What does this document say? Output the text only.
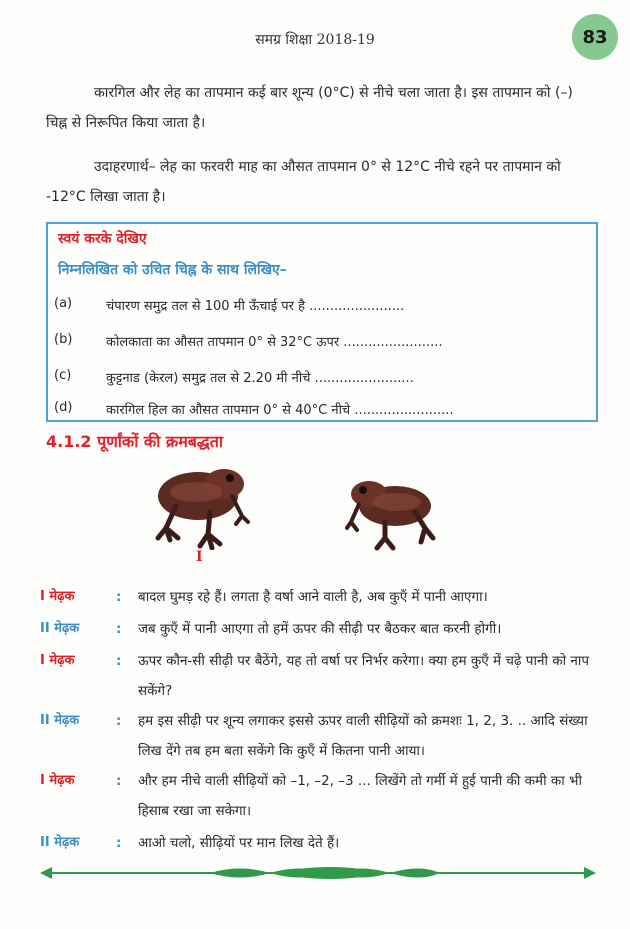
समग्र शिक्षा 2018-19	83

कारगिल और लेह का तापमान कई बार शून्य (0°C) से नीचे चला जाता है। इस तापमान को (–) चिह्न से निरूपित किया जाता है।

उदाहरणार्थ– लेह का फरवरी माह का औसत तापमान 0° से 12°C नीचे रहने पर तापमान को -12°C लिखा जाता है।

स्वयं करके देखिए
निम्नलिखित को उचित चिह्न के साथ लिखिए–
(a)	चंपारण समुद्र तल से 100 मी ऊँचाई पर है .......................
(b)	कोलकाता का औसत तापमान 0° से 32°C ऊपर ........................
(c)	कुट्टनाड (केरल) समुद्र तल से 2.20 मी नीचे ........................
(d)	कारगिल हिल का औसत तापमान 0° से 40°C नीचे ........................
4.1.2 पूर्णांकों की क्रमबद्धता
I
I मेढ़क	: बादल घुमड़ रहे हैं। लगता है वर्षा आने वाली है, अब कुएँ में पानी आएगा।
II मेढ़क	: जब कुएँ में पानी आएगा तो हमें ऊपर की सीढ़ी पर बैठकर बात करनी होगी।
I मेढ़क	: ऊपर कौन-सी सीढ़ी पर बैठेंगे, यह तो वर्षा पर निर्भर करेगा। क्या हम कुएँ में चढ़े पानी को नाप सकेंगे?
II मेढ़क	: हम इस सीढ़ी पर शून्य लगाकर इससे ऊपर वाली सीढ़ियों को क्रमशः 1, 2, 3. .. आदि संख्या लिख देंगे तब हम बता सकेंगे कि कुएँ में कितना पानी आया।
I मेढ़क	: और हम नीचे वाली सीढ़ियों को –1, –2, –3 ... लिखेंगे तो गर्मी में हुई पानी की कमी का भी हिसाब रखा जा सकेगा।
II मेढ़क	: आओ चलो, सीढ़ियों पर मान लिख देते हैं।
